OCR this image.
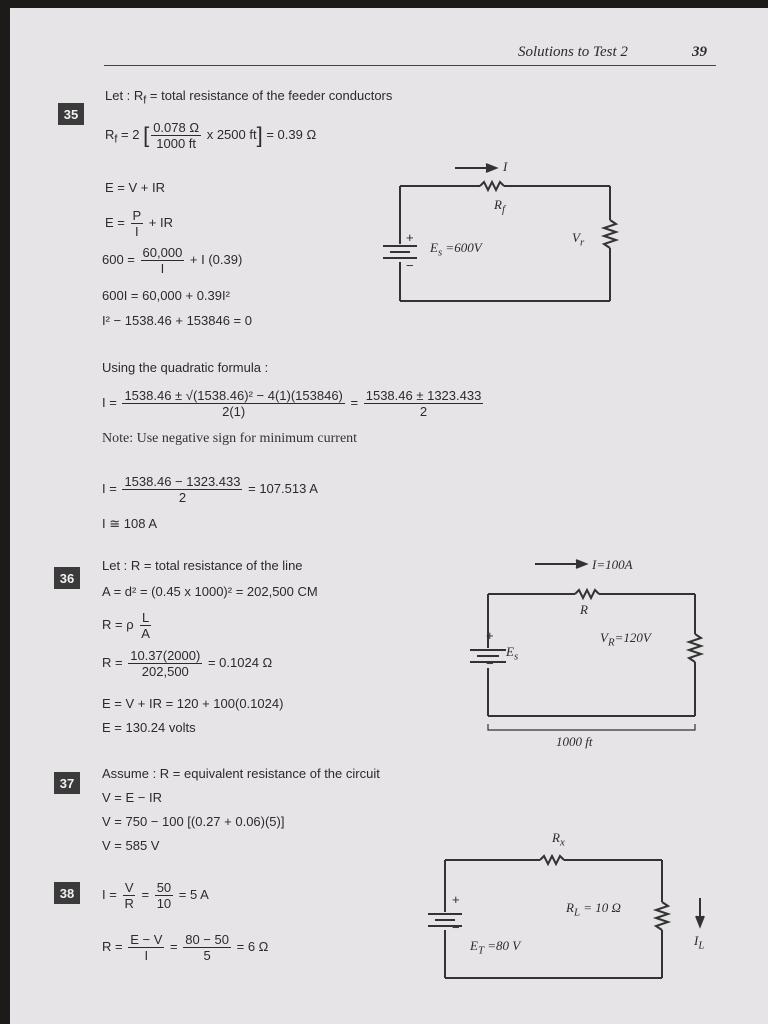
Solutions to Test 2	39
35
Let : $R_f$ = total resistance of the feeder conductors
$R_f = 2$ [ $\frac{0.078 \Omega}{1000 ft}$ x 2500 ft] = 0.39 Ω
E = V + IR
$E = \frac{P}{I}$ + IR
$600 = \frac{60,000}{I} + I$ (0.39)
600I = 60,000 + 0.39I²
I² − 1538.46 + 153846 = 0
I
$R_f$
$E_s =600V$
$V_r$
+
−
Using the quadratic formula :
$I = \frac{\text{1538.46 ± √(1538.46)² − 4(1)(153846)}}{2(1)} = \frac{1538.46 \pm 1323.433}{2}$
Note: Use negative sign for minimum current
$I = \frac{1538.46 - 1323.433}{2} = 107.513$ A
I ≅ 108 A
36
Let : R = total resistance of the line
A = d² = (0.45 x 1000)² = 202,500 CM
R = ρ $\frac{L}{A}$
$R = \frac{10.37(2000)}{202,500} = 0.1024$ Ω
E = V + IR = 120 + 100(0.1024)
E = 130.24 volts
I=100A
R
$V_R=120V$
$E_s$
+
−
1000 ft
37
Assume : R = equivalent resistance of the circuit
V = E − IR
V = 750 − 100 [(0.27 + 0.06)(5)]
V = 585 V
38	$I = \frac{V}{R} = \frac{50}{10} = 5$ A
$R = \frac{E - V}{I} = \frac{80 - 50}{5} = 6$ Ω
$R_x$
$R_L = 10$ Ω
$E_T =80$ V	$I_L$
+
−
